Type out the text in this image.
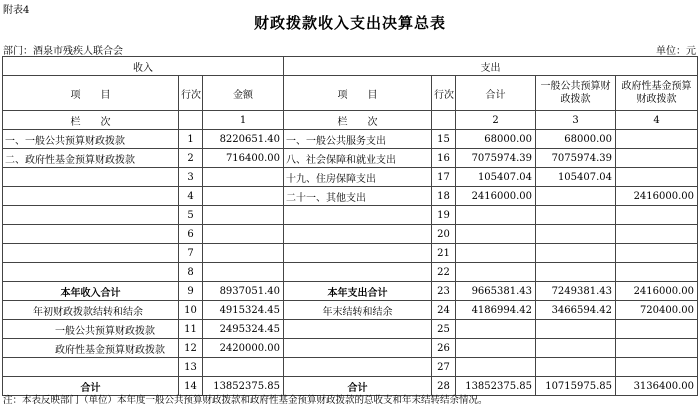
附表4
财政拨款收入支出决算总表
部门：酒泉市残疾人联合会	单位：元
收入			支出				
项　　目	行次	金额	项　　目	行次	合计	一般公共预算财政拨款	政府性基金预算财政拨款
栏　　次		1	栏　　次		2	3	4
一、一般公共预算财政拨款	1	8220651.40	一、一般公共服务支出	15	68000.00	68000.00	
二、政府性基金预算财政拨款	2	716400.00	八、社会保障和就业支出	16	7075974.39	7075974.39	
	3		十九、住房保障支出	17	105407.04	105407.04	
	4		二十一、其他支出	18	2416000.00		2416000.00
	5			19			
	6			20			
	7			21			
	8			22			
本年收入合计	9	8937051.40	本年支出合计	23	9665381.43	7249381.43	2416000.00
年初财政拨款结转和结余	10	4915324.45	年末结转和结余	24	4186994.42	3466594.42	720400.00
一般公共预算财政拨款	11	2495324.45		25			
政府性基金预算财政拨款	12	2420000.00		26			
	13			27			
合计	14	13852375.85	合计	28	13852375.85	10715975.85	3136400.00
注：本表反映部门（单位）本年度一般公共预算财政拨款和政府性基金预算财政拨款的总收支和年末结转结余情况。
